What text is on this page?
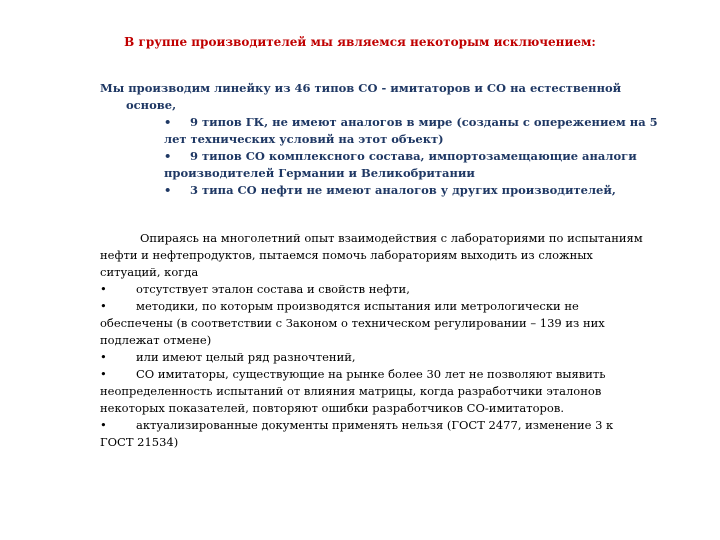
В группе производителей мы являемся некоторым исключением:
Мы производим линейку из 46 типов СО - имитаторов и СО на естественной основе,
• 9 типов ГК, не имеют аналогов в мире (созданы с опережением на 5 лет технических условий на этот объект)
• 9 типов СО комплексного состава, импортозамещающие аналоги производителей Германии и Великобритании
• 3 типа СО нефти не имеют аналогов у других производителей,

Опираясь на многолетний опыт взаимодействия с лабораториями по испытаниям нефти и нефтепродуктов, пытаемся помочь лабораториям выходить из сложных ситуаций, когда

•	отсутствует эталон состава и свойств нефти,

•	методики, по которым производятся испытания или метрологически не обеспечены (в соответствии с Законом о техническом регулировании – 139 из них подлежат отмене)

•	или имеют целый ряд разночтений,

•	СО имитаторы, существующие на рынке более 30 лет не позволяют выявить неопределенность испытаний от влияния матрицы, когда разработчики эталонов некоторых показателей, повторяют ошибки разработчиков СО-имитаторов.

•	актуализированные документы применять нельзя (ГОСТ 2477, изменение 3 к ГОСТ 21534)
